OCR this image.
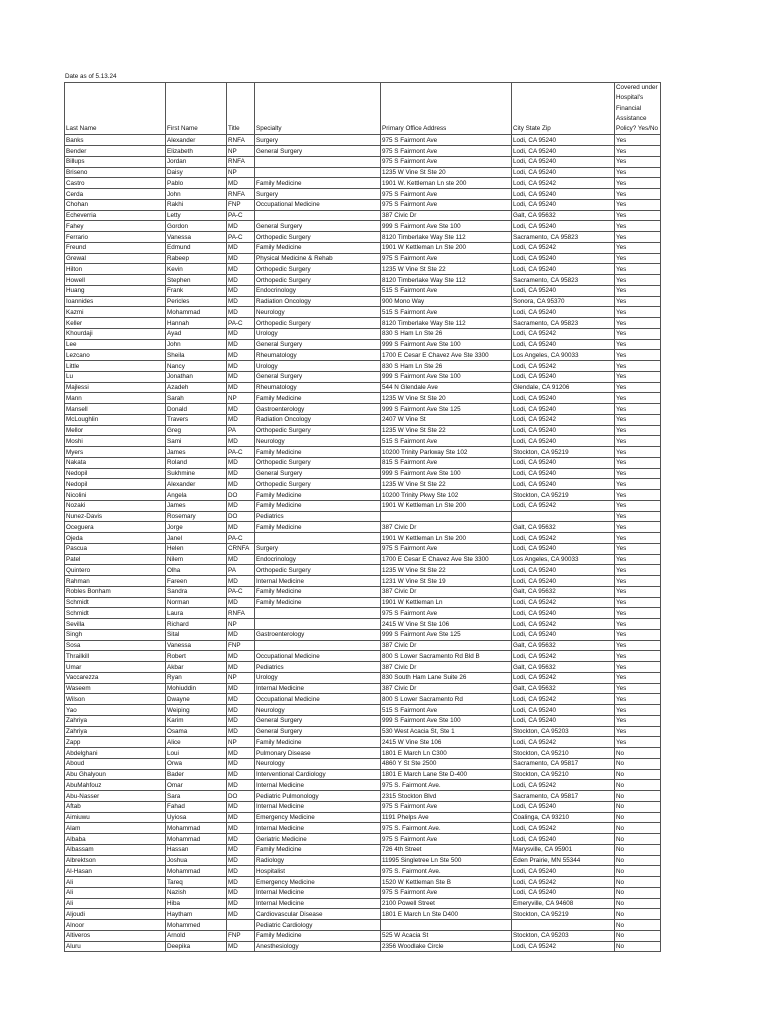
Date as of 5.13.24
Last Name	First Name	Title	Specialty	Primary Office Address	City State Zip	Covered under Hospital's Financial Assistance Policy? Yes/No
Banks	Alexander	RNFA	Surgery	975 S Fairmont Ave	Lodi, CA 95240	Yes
Bender	Elizabeth	NP	General Surgery	975 S Fairmont Ave	Lodi, CA 95240	Yes
Billups	Jordan	RNFA		975 S Fairmont Ave	Lodi, CA 95240	Yes
Briseno	Daisy	NP		1235 W Vine St Ste 20	Lodi, CA 95240	Yes
Castro	Pablo	MD	Family Medicine	1901 W. Kettleman Ln ste 200	Lodi, CA 95242	Yes
Cerda	John	RNFA	Surgery	975 S Fairmont Ave	Lodi, CA 95240	Yes
Chohan	Rakhi	FNP	Occupational Medicine	975 S Fairmont Ave	Lodi, CA 95240	Yes
Echeverria	Letty	PA-C		387 Civic Dr	Galt, CA 95632	Yes
Fahey	Gordon	MD	General Surgery	999 S Fairmont Ave Ste 100	Lodi, CA 95240	Yes
Ferrario	Vanessa	PA-C	Orthopedic Surgery	8120 Timberlake Way Ste 112	Sacramento, CA 95823	Yes
Freund	Edmund	MD	Family Medicine	1901 W Kettleman Ln Ste 200	Lodi, CA 95242	Yes
Grewal	Rabeep	MD	Physical Medicine & Rehab	975 S Fairmont Ave	Lodi, CA 95240	Yes
Hilton	Kevin	MD	Orthopedic Surgery	1235 W Vine St Ste 22	Lodi, CA 95240	Yes
Howell	Stephen	MD	Orthopedic Surgery	8120 Timberlake Way Ste 112	Sacramento, CA 95823	Yes
Huang	Frank	MD	Endocrinology	515 S Fairmont Ave	Lodi, CA 95240	Yes
Ioannides	Pericles	MD	Radiation Oncology	900 Mono Way	Sonora, CA 95370	Yes
Kazmi	Mohammad	MD	Neurology	515 S Fairmont Ave	Lodi, CA 95240	Yes
Keller	Hannah	PA-C	Orthopedic Surgery	8120 Timberlake Way Ste 112	Sacramento, CA 95823	Yes
Khourdaji	Ayad	MD	Urology	830 S Ham Ln Ste 26	Lodi, CA 95242	Yes
Lee	John	MD	General Surgery	999 S Fairmont Ave Ste 100	Lodi, CA 95240	Yes
Lezcano	Sheila	MD	Rheumatology	1700 E Cesar E Chavez Ave Ste 3300	Los Angeles, CA 90033	Yes
Little	Nancy	MD	Urology	830 S Ham Ln Ste 26	Lodi, CA 95242	Yes
Lu	Jonathan	MD	General Surgery	999 S Fairmont Ave Ste 100	Lodi, CA 95240	Yes
Majlessi	Azadeh	MD	Rheumatology	544 N Glendale Ave	Glendale, CA 91206	Yes
Mann	Sarah	NP	Family Medicine	1235 W Vine St Ste 20	Lodi, CA 95240	Yes
Mansell	Donald	MD	Gastroenterology	999 S Fairmont Ave Ste 125	Lodi, CA 95240	Yes
McLoughlin	Travers	MD	Radiation Oncology	2407 W Vine St	Lodi, CA 95242	Yes
Mellor	Greg	PA	Orthopedic Surgery	1235 W Vine St Ste 22	Lodi, CA 95240	Yes
Moshi	Sami	MD	Neurology	515 S Fairmont Ave	Lodi, CA 95240	Yes
Myers	James	PA-C	Family Medicine	10200 Trinity Parkway Ste 102	Stockton, CA 95219	Yes
Nakata	Roland	MD	Orthopedic Surgery	815 S Fairmont Ave	Lodi, CA 95240	Yes
Nedopil	Sukhmine	MD	General Surgery	999 S Fairmont Ave Ste 100	Lodi, CA 95240	Yes
Nedopil	Alexander	MD	Orthopedic Surgery	1235 W Vine St Ste 22	Lodi, CA 95240	Yes
Nicolini	Angela	DO	Family Medicine	10200 Trinity Pkwy Ste 102	Stockton, CA 95219	Yes
Nozaki	James	MD	Family Medicine	1901 W Kettleman Ln Ste 200	Lodi, CA 95242	Yes
Nunez-Davis	Rosemary	DO	Pediatrics			Yes
Oceguera	Jorge	MD	Family Medicine	387 Civic Dr	Galt, CA 95632	Yes
Ojeda	Janel	PA-C		1901 W Kettleman Ln Ste 200	Lodi, CA 95242	Yes
Pascua	Helen	CRNFA	Surgery	975 S Fairmont Ave	Lodi, CA 95240	Yes
Patel	Nilem	MD	Endocrinology	1700 E Cesar E Chavez Ave Ste 3300	Los Angeles, CA 90033	Yes
Quintero	Olha	PA	Orthopedic Surgery	1235 W Vine St Ste 22	Lodi, CA 95240	Yes
Rahman	Fareen	MD	Internal Medicine	1231 W Vine St Ste 19	Lodi, CA 95240	Yes
Robles Bonham	Sandra	PA-C	Family Medicine	387 Civic Dr	Galt, CA 95632	Yes
Schmidt	Norman	MD	Family Medicine	1901 W Kettleman Ln	Lodi, CA 95242	Yes
Schmidt	Laura	RNFA		975 S Fairmont Ave	Lodi, CA 95240	Yes
Sevilla	Richard	NP		2415 W Vine St Ste 106	Lodi, CA 95242	Yes
Singh	Sital	MD	Gastroenterology	999 S Fairmont Ave Ste 125	Lodi, CA 95240	Yes
Sosa	Vanessa	FNP		387 Civic Dr	Galt, CA 95632	Yes
Thrailkill	Robert	MD	Occupational Medicine	800 S Lower Sacramento Rd Bld B	Lodi, CA 95242	Yes
Umar	Akbar	MD	Pediatrics	387 Civic Dr	Galt, CA 95632	Yes
Vaccarezza	Ryan	NP	Urology	830 South Ham Lane Suite 26	Lodi, CA 95242	Yes
Waseem	Mohiuddin	MD	Internal Medicine	387 Civic Dr	Galt, CA 95632	Yes
Wilson	Dwayne	MD	Occupational Medicine	800 S Lower Sacramento Rd	Lodi, CA 95242	Yes
Yao	Weiping	MD	Neurology	515 S Fairmont Ave	Lodi, CA 95240	Yes
Zahriya	Karim	MD	General Surgery	999 S Fairmont Ave Ste 100	Lodi, CA 95240	Yes
Zahriya	Osama	MD	General Surgery	530 West Acacia St, Ste 1	Stockton, CA 95203	Yes
Zapp	Alice	NP	Family Medicine	2415 W Vine Ste 106	Lodi, CA 95242	Yes
Abdelghani	Loui	MD	Pulmonary Disease	1801 E March Ln C300	Stockton, CA 95210	No
Aboud	Orwa	MD	Neurology	4860 Y St Ste 2500	Sacramento, CA 95817	No
Abu Ghalyoun	Bader	MD	Interventional Cardiology	1801 E March Lane Ste D-400	Stockton, CA 95210	No
AbuMahfouz	Omar	MD	Internal Medicine	975 S. Fairmont Ave.	Lodi, CA 95242	No
Abu-Nasser	Sara	DO	Pediatric Pulmonology	2315 Stockton Blvd	Sacramento, CA 95817	No
Aftab	Fahad	MD	Internal Medicine	975 S Fairmont Ave	Lodi, CA 95240	No
Aimiuwu	Uyiosa	MD	Emergency Medicine	1191 Phelps Ave	Coalinga, CA 93210	No
Alam	Mohammad	MD	Internal Medicine	975 S. Fairmont Ave.	Lodi, CA 95242	No
Albaba	Mohammad	MD	Geriatric Medicine	975 S Fairmont Ave	Lodi, CA 95240	No
Albassam	Hassan	MD	Family Medicine	726 4th Street	Marysville, CA 95901	No
Albrektson	Joshua	MD	Radiology	11995 Singletree Ln Ste 500	Eden Prairie, MN 55344	No
Al-Hasan	Mohammad	MD	Hospitalist	975 S. Fairmont Ave.	Lodi, CA 95240	No
Ali	Tareq	MD	Emergency Medicine	1520 W Kettleman Ste B	Lodi, CA 95242	No
Ali	Nazish	MD	Internal Medicine	975 S Fairmont Ave	Lodi, CA 95240	No
Ali	Hiba	MD	Internal Medicine	2100 Powell Street	Emeryville, CA 94608	No
Aljoudi	Haytham	MD	Cardiovascular Disease	1801 E March Ln Ste D400	Stockton, CA 95219	No
Alnoor	Mohammed		Pediatric Cardiology			No
Altiveros	Arnold	FNP	Family Medicine	525 W Acacia St	Stockton, CA 95203	No
Aluru	Deepika	MD	Anesthesiology	2356 Woodlake Circle	Lodi, CA 95242	No
